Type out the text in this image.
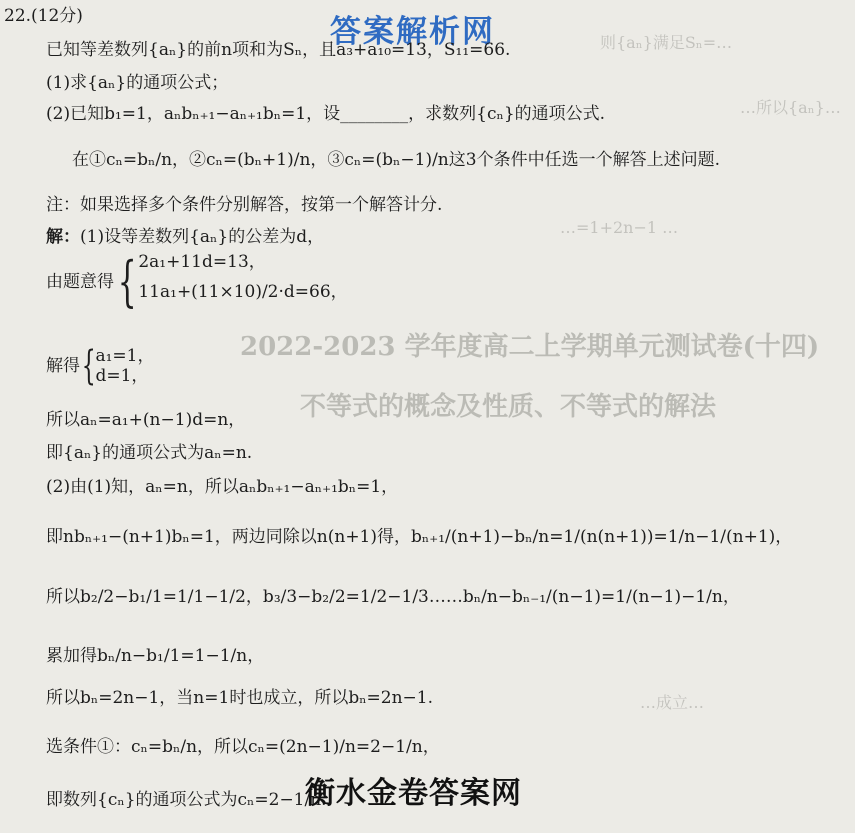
则{aₙ}满足Sₙ=…
…所以{aₙ}…
2022-2023 学年度高二上学期单元测试卷(十四)
不等式的概念及性质、不等式的解法
…=1+2n−1 …
…成立…
答案解析网
22.(12分)
已知等差数列{aₙ}的前n项和为Sₙ，且a₃+a₁₀=13，S₁₁=66.
(1)求{aₙ}的通项公式；
(2)已知b₁=1，aₙbₙ₊₁−aₙ₊₁bₙ=1，设________，求数列{cₙ}的通项公式.
在①cₙ=bₙ/n，②cₙ=(bₙ+1)/n，③cₙ=(bₙ−1)/n这3个条件中任选一个解答上述问题.
注：如果选择多个条件分别解答，按第一个解答计分.
解：(1)设等差数列{aₙ}的公差为d，
由题意得{ 2a₁+11d=13，
11a₁+(11×10)/2·d=66，
解得{ a₁=1，
d=1，
所以aₙ=a₁+(n−1)d=n，
即{aₙ}的通项公式为aₙ=n.
(2)由(1)知，aₙ=n，所以aₙbₙ₊₁−aₙ₊₁bₙ=1，
即nbₙ₊₁−(n+1)bₙ=1，两边同除以n(n+1)得，bₙ₊₁/(n+1)−bₙ/n=1/(n(n+1))=1/n−1/(n+1)，
所以b₂/2−b₁/1=1/1−1/2，b₃/3−b₂/2=1/2−1/3……bₙ/n−bₙ₋₁/(n−1)=1/(n−1)−1/n，
累加得bₙ/n−b₁/1=1−1/n，
所以bₙ=2n−1，当n=1时也成立，所以bₙ=2n−1.
选条件①：cₙ=bₙ/n，所以cₙ=(2n−1)/n=2−1/n，
即数列{cₙ}的通项公式为cₙ=2−1/n.
衡水金卷答案网
